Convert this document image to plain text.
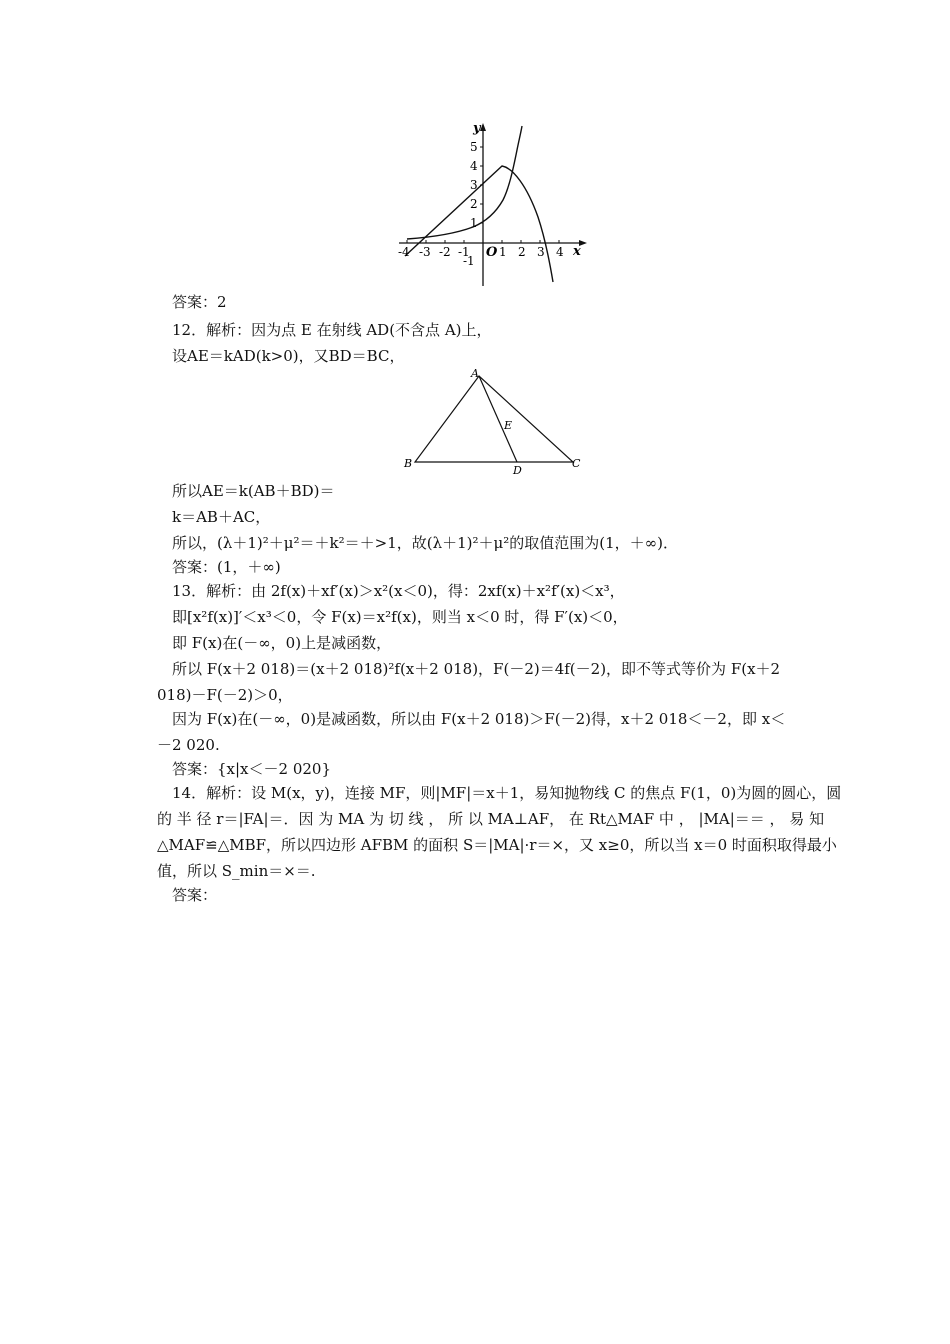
y
x
O
5
4
3
2
1
-1
-4 -3 -2 -1 1 2 3 4
答案：2
12．解析：因为点 E 在射线 AD(不含点 A)上，
设AE＝kAD(k>0)，又BD＝BC，
A
B	C
D
E
所以AE＝k(AB＋BD)＝
k＝AB＋AC，
所以，(λ＋1)²＋μ²＝＋k²＝＋>1，故(λ＋1)²＋μ²的取值范围为(1，＋∞)．
答案：(1，＋∞)
13．解析：由 2f(x)＋xf′(x)＞x²(x＜0)，得：2xf(x)＋x²f′(x)＜x³，
即[x²f(x)]′＜x³＜0，令 F(x)＝x²f(x)，则当 x＜0 时，得 F′(x)＜0，
即 F(x)在(－∞，0)上是减函数，
所以 F(x＋2 018)＝(x＋2 018)²f(x＋2 018)，F(－2)＝4f(－2)，即不等式等价为 F(x＋2
018)－F(－2)＞0，
因为 F(x)在(－∞，0)是减函数，所以由 F(x＋2 018)＞F(－2)得，x＋2 018＜－2，即 x＜
－2 020.
答案：{x|x＜－2 020}
14．解析：设 M(x，y)，连接 MF，则|MF|＝x＋1，易知抛物线 C 的焦点 F(1，0)为圆的圆心，圆
的 半 径 r＝|FA|＝．因 为 MA 为 切 线 ， 所 以 MA⊥AF， 在 Rt△MAF 中 ， |MA|＝＝ ， 易 知
△MAF≌△MBF，所以四边形 AFBM 的面积 S＝|MA|·r＝×，又 x≥0，所以当 x＝0 时面积取得最小
值，所以 S_min＝×＝.
答案：
